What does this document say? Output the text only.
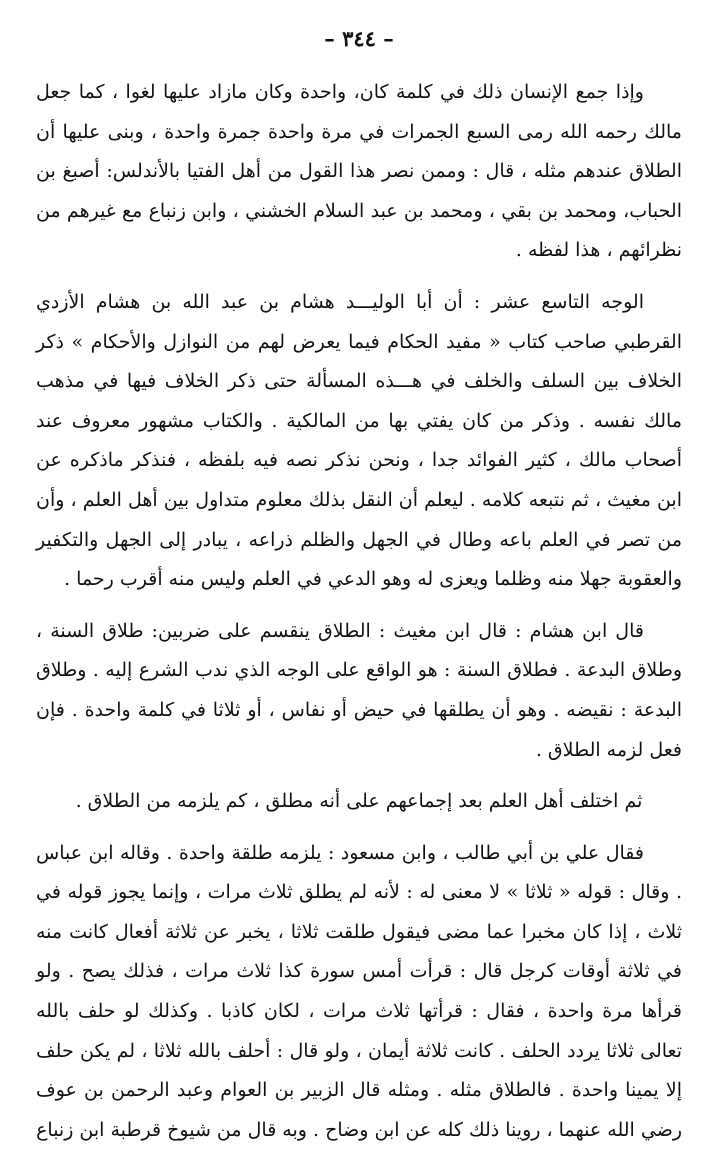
– ٣٤٤ –

وإذا جمع الإنسان ذلك في كلمة كان، واحدة وكان مازاد عليها لغوا ، كما جعل مالك رحمه الله رمى السبع الجمرات في مرة واحدة جمرة واحدة ، وبنى عليها أن الطلاق عندهم مثله ، قال : وممن نصر هذا القول من أهل الفتيا بالأندلس: أصبغ بن الحباب، ومحمد بن بقي ، ومحمد بن عبد السلام الخشني ، وابن زنباع مع غيرهم من نظرائهم ، هذا لفظه .

الوجه التاسع عشر : أن أبا الوليـــد هشام بن عبد الله بن هشام الأزدي القرطبي صاحب كتاب « مفيد الحكام فيما يعرض لهم من النوازل والأحكام » ذكر الخلاف بين السلف والخلف في هـــذه المسألة حتى ذكر الخلاف فيها في مذهب مالك نفسه . وذكر من كان يفتي بها من المالكية . والكتاب مشهور معروف عند أصحاب مالك ، كثير الفوائد جدا ، ونحن نذكر نصه فيه بلفظه ، فنذكر ماذكره عن ابن مغيث ، ثم نتبعه كلامه . ليعلم أن النقل بذلك معلوم متداول بين أهل العلم ، وأن من تصر في العلم باعه وطال في الجهل والظلم ذراعه ، يبادر إلى الجهل والتكفير والعقوبة جهلا منه وظلما ويعزى له وهو الدعي في العلم وليس منه أقرب رحما .

قال ابن هشام : قال ابن مغيث : الطلاق ينقسم على ضربين: طلاق السنة ، وطلاق البدعة . فطلاق السنة : هو الواقع على الوجه الذي ندب الشرع إليه . وطلاق البدعة : نقيضه . وهو أن يطلقها في حيض أو نفاس ، أو ثلاثا في كلمة واحدة . فإن فعل لزمه الطلاق .

ثم اختلف أهل العلم بعد إجماعهم على أنه مطلق ، كم يلزمه من الطلاق .

فقال علي بن أبي طالب ، وابن مسعود : يلزمه طلقة واحدة . وقاله ابن عباس . وقال : قوله « ثلاثا » لا معنى له : لأنه لم يطلق ثلاث مرات ، وإنما يجوز قوله في ثلاث ، إذا كان مخبرا عما مضى فيقول طلقت ثلاثا ، يخبر عن ثلاثة أفعال كانت منه في ثلاثة أوقات كرجل قال : قرأت أمس سورة كذا ثلاث مرات ، فذلك يصح . ولو قرأها مرة واحدة ، فقال : قرأتها ثلاث مرات ، لكان كاذبا . وكذلك لو حلف بالله تعالى ثلاثا يردد الحلف . كانت ثلاثة أيمان ، ولو قال : أحلف بالله ثلاثا ، لم يكن حلف إلا يمينا واحدة . فالطلاق مثله . ومثله قال الزبير بن العوام وعبد الرحمن بن عوف رضي الله عنهما ، روينا ذلك كله عن ابن وضاح . وبه قال من شيوخ قرطبة ابن زنباع
